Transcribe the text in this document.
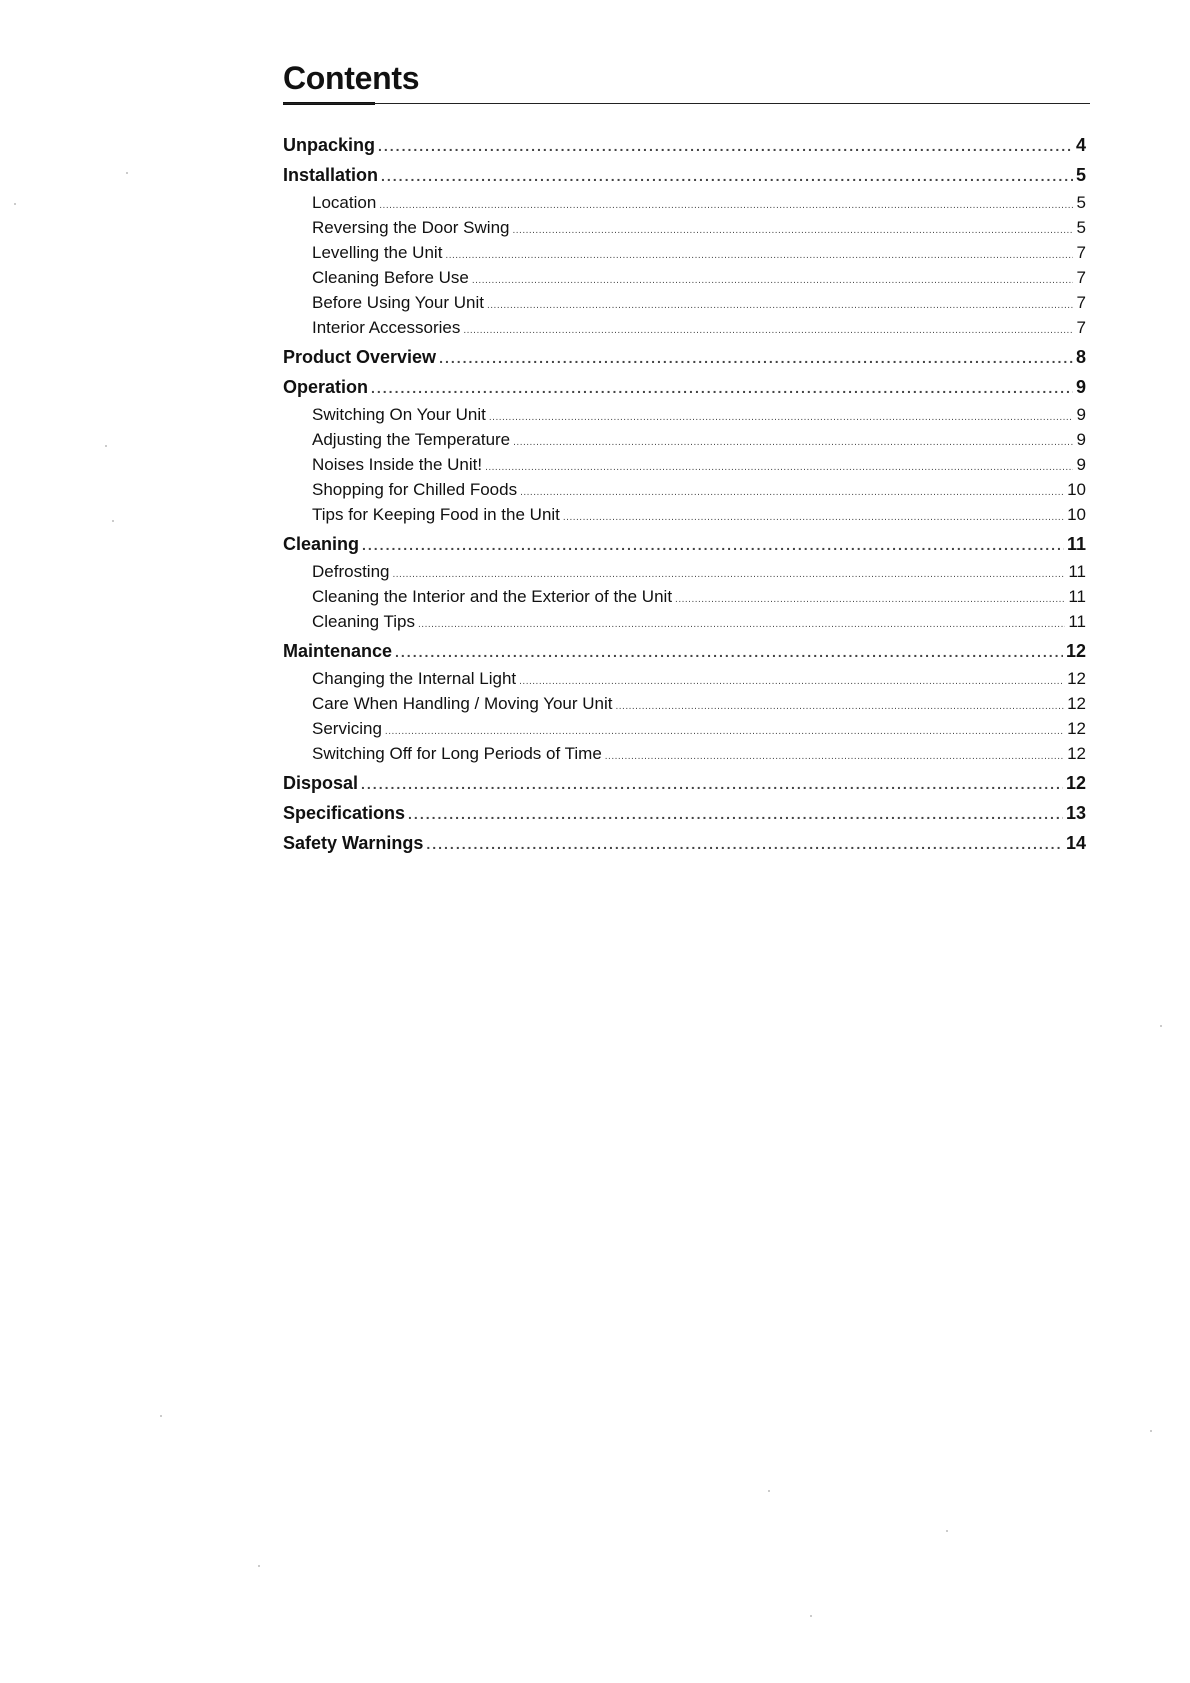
Contents
Unpacking .....	4
Installation .....	5
Location .....	5
Reversing the Door Swing .....	5
Levelling the Unit .....	7
Cleaning Before Use .....	7
Before Using Your Unit .....	7
Interior Accessories .....	7
Product Overview .....	8
Operation .....	9
Switching On Your Unit .....	9
Adjusting the Temperature .....	9
Noises Inside the Unit! .....	9
Shopping for Chilled Foods .....	10
Tips for Keeping Food in the Unit .....	10
Cleaning .....	11
Defrosting .....	11
Cleaning the Interior and the Exterior of the Unit .....	11
Cleaning Tips .....	11
Maintenance .....	12
Changing the Internal Light .....	12
Care When Handling / Moving Your Unit .....	12
Servicing .....	12
Switching Off for Long Periods of Time .....	12
Disposal .....	12
Specifications .....	13
Safety Warnings .....	14
